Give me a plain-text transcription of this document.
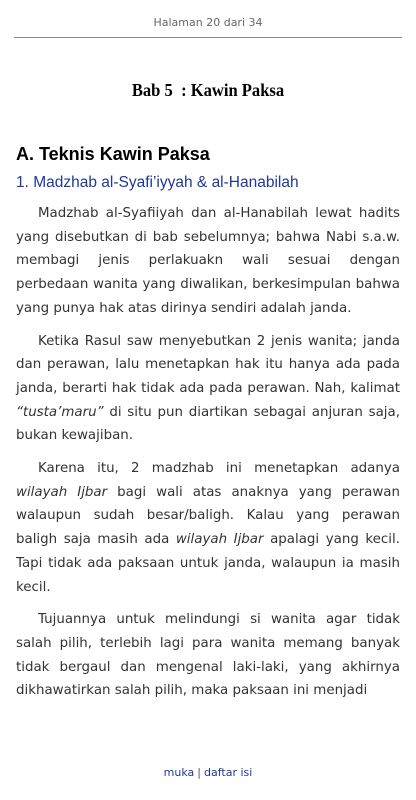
Halaman 20 dari 34
Bab 5  : Kawin Paksa
A. Teknis Kawin Paksa
1. Madzhab al-Syafi’iyyah & al-Hanabilah

Madzhab al-Syafiiyah dan al-Hanabilah lewat hadits yang disebutkan di bab sebelumnya; bahwa Nabi s.a.w. membagi jenis perlakuakn wali sesuai dengan perbedaan wanita yang diwalikan, berkesimpulan bahwa yang punya hak atas dirinya sendiri adalah janda.

Ketika Rasul saw menyebutkan 2 jenis wanita; janda dan perawan, lalu menetapkan hak itu hanya ada pada janda, berarti hak tidak ada pada perawan. Nah, kalimat “tusta’maru” di situ pun diartikan sebagai anjuran saja, bukan kewajiban.

Karena itu, 2 madzhab ini menetapkan adanya wilayah Ijbar bagi wali atas anaknya yang perawan walaupun sudah besar/baligh. Kalau yang perawan baligh saja masih ada wilayah Ijbar apalagi yang kecil. Tapi tidak ada paksaan untuk janda, walaupun ia masih kecil.

Tujuannya untuk melindungi si wanita agar tidak salah pilih, terlebih lagi para wanita memang banyak tidak bergaul dan mengenal laki-laki, yang akhirnya dikhawatirkan salah pilih, maka paksaan ini menjadi

muka | daftar isi
